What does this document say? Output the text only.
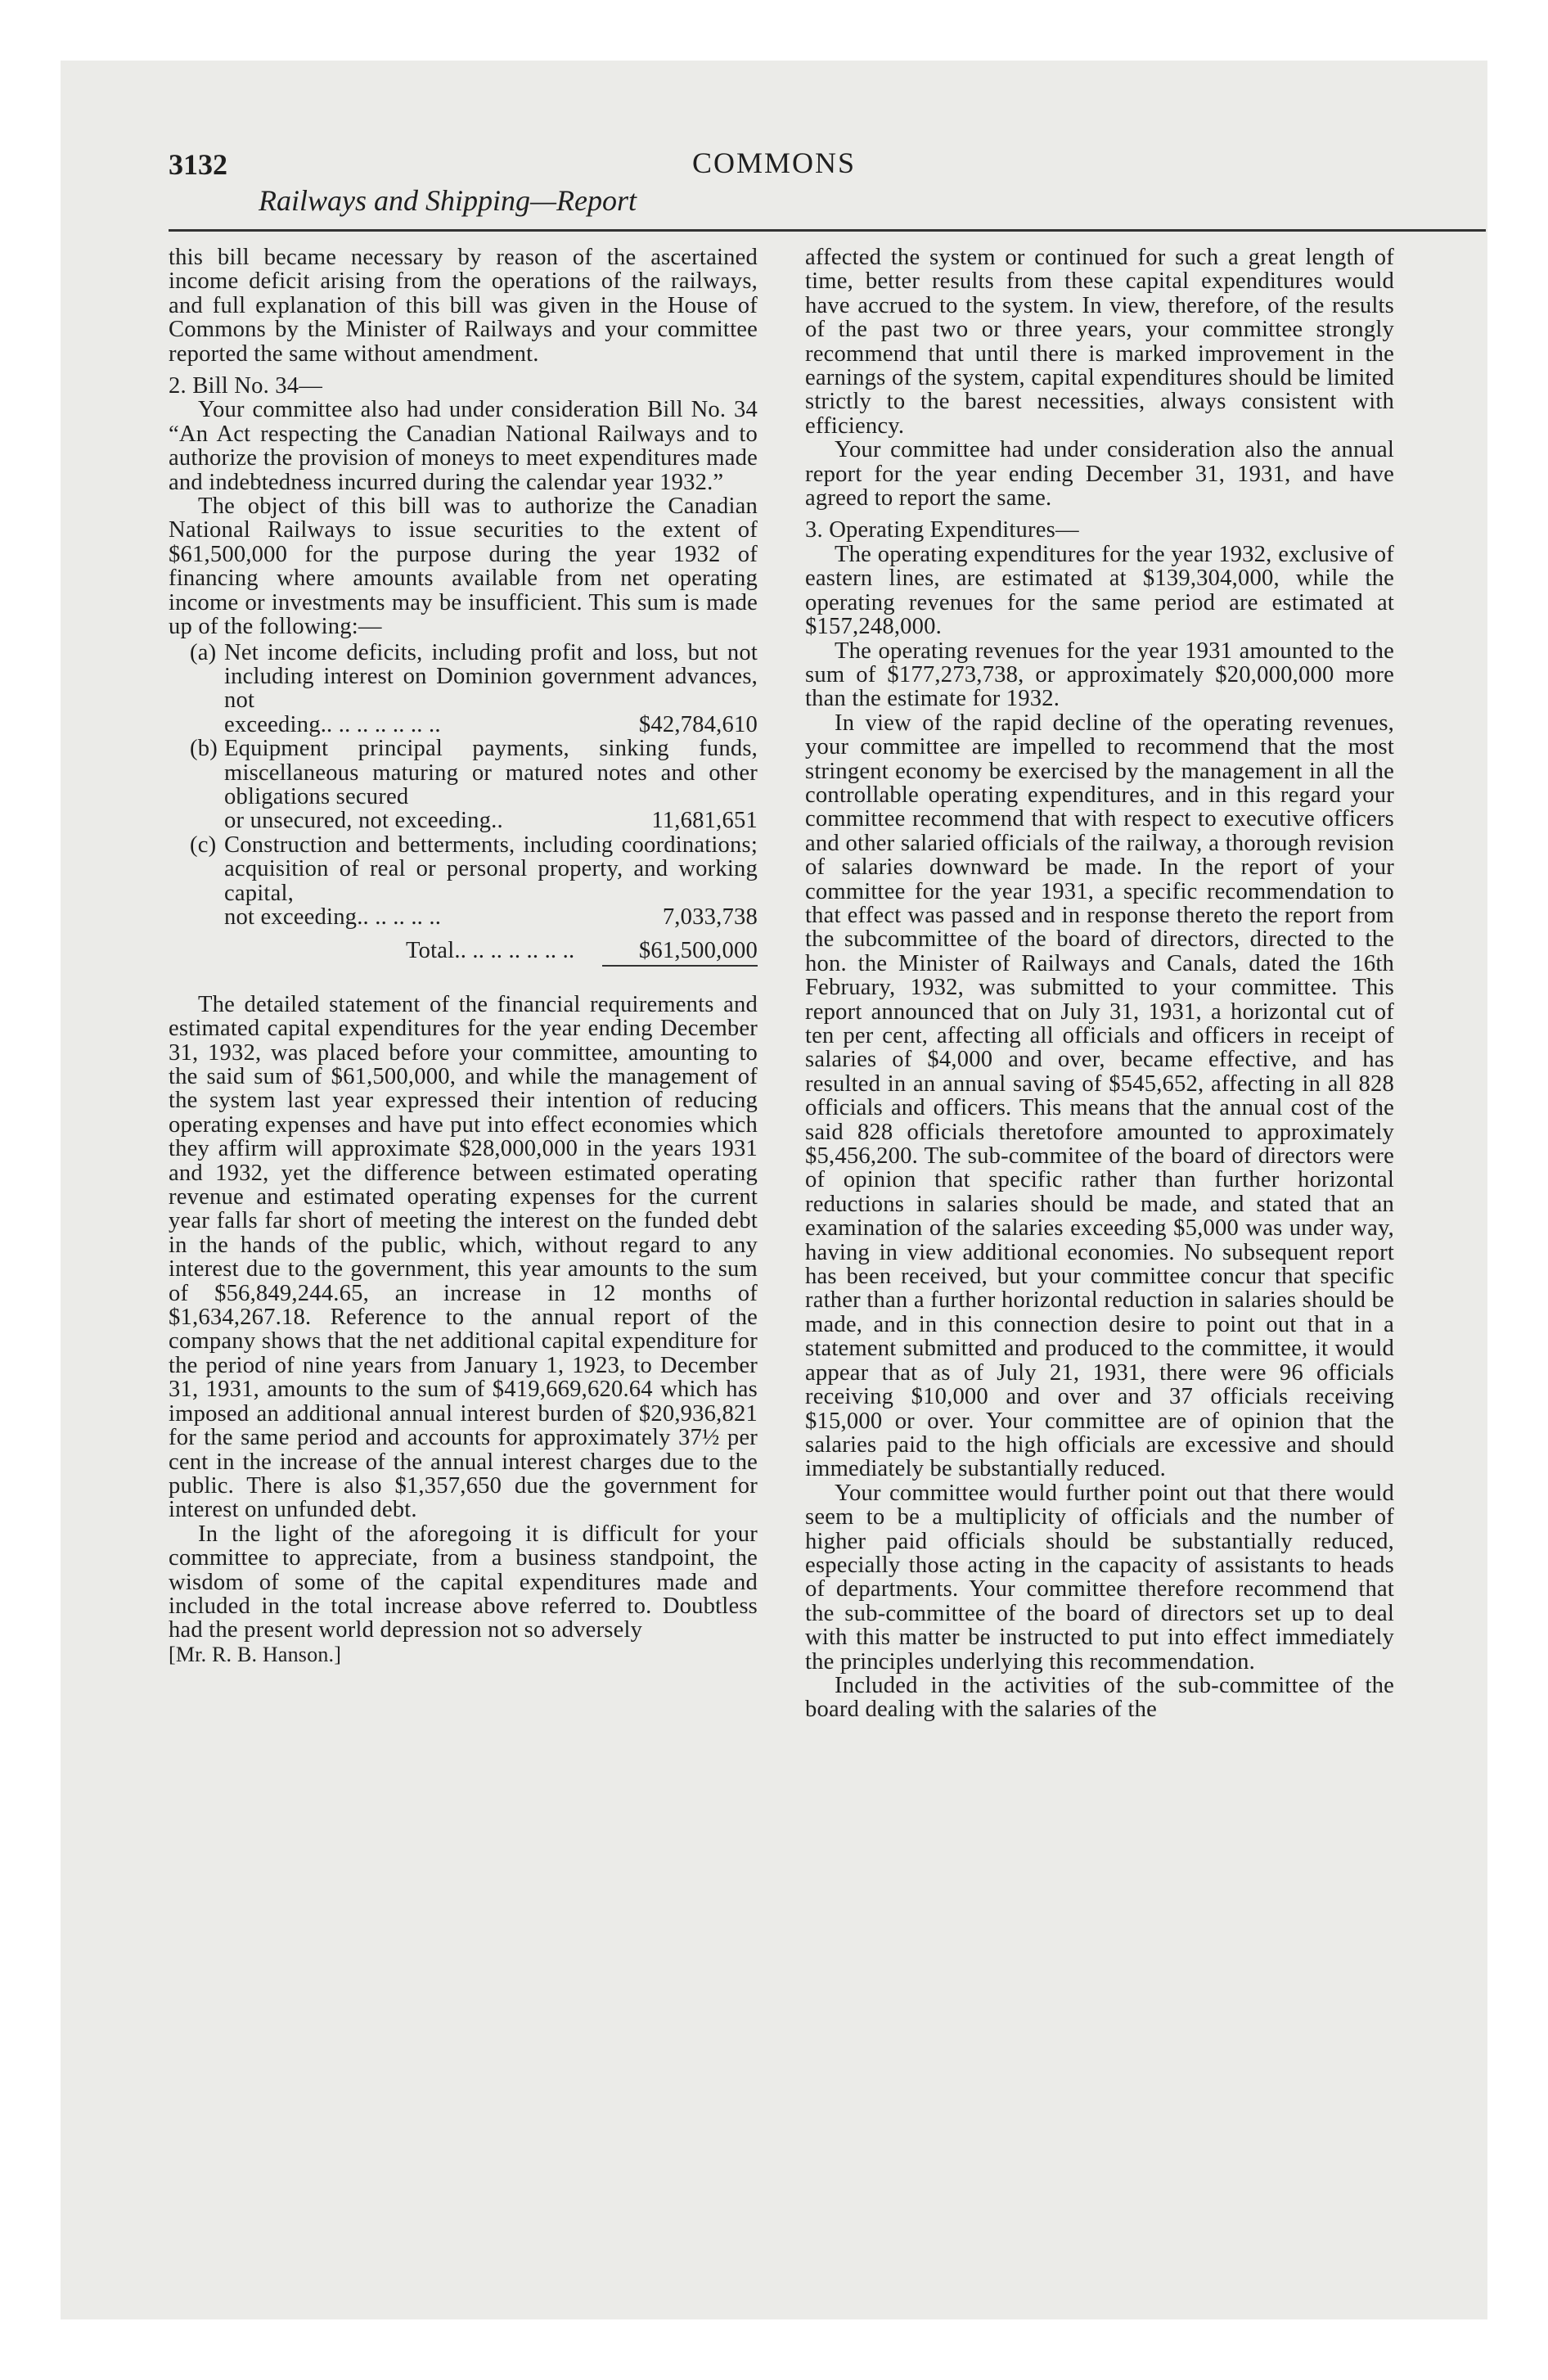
3132	COMMONS
Railways and Shipping—Report

this bill became necessary by reason of the ascertained income deficit arising from the operations of the railways, and full explanation of this bill was given in the House of Commons by the Minister of Railways and your committee reported the same without amendment.

2. Bill No. 34—

Your committee also had under consideration Bill No. 34 “An Act respecting the Canadian National Railways and to authorize the provision of moneys to meet expenditures made and indebtedness incurred during the calendar year 1932.”

The object of this bill was to authorize the Canadian National Railways to issue securities to the extent of $61,500,000 for the purpose during the year 1932 of financing where amounts available from net operating income or investments may be insufficient. This sum is made up of the following:—

(a) Net income deficits, including profit and loss, but not including interest on Dominion government advances, not
exceeding.. .. .. .. .. .. ..	$42,784,610
(b) Equipment principal payments, sinking funds, miscellaneous maturing or matured notes and other obligations secured
or unsecured, not exceeding..	11,681,651
(c) Construction and betterments, including coordinations; acquisition of real or personal property, and working capital,
not exceeding.. .. .. .. ..	7,033,738
Total.. .. .. .. .. .. ..	$61,500,000

The detailed statement of the financial requirements and estimated capital expenditures for the year ending December 31, 1932, was placed before your committee, amounting to the said sum of $61,500,000, and while the management of the system last year expressed their intention of reducing operating expenses and have put into effect economies which they affirm will approximate $28,000,000 in the years 1931 and 1932, yet the difference between estimated operating revenue and estimated operating expenses for the current year falls far short of meeting the interest on the funded debt in the hands of the public, which, without regard to any interest due to the government, this year amounts to the sum of $56,849,244.65, an increase in 12 months of $1,634,267.18. Reference to the annual report of the company shows that the net additional capital expenditure for the period of nine years from January 1, 1923, to December 31, 1931, amounts to the sum of $419,669,620.64 which has imposed an additional annual interest burden of $20,936,821 for the same period and accounts for approximately 37½ per cent in the increase of the annual interest charges due to the public. There is also $1,357,650 due the government for interest on unfunded debt.

In the light of the aforegoing it is difficult for your committee to appreciate, from a business standpoint, the wisdom of some of the capital expenditures made and included in the total increase above referred to. Doubtless had the present world depression not so adversely

[Mr. R. B. Hanson.]

affected the system or continued for such a great length of time, better results from these capital expenditures would have accrued to the system. In view, therefore, of the results of the past two or three years, your committee strongly recommend that until there is marked improvement in the earnings of the system, capital expenditures should be limited strictly to the barest necessities, always consistent with efficiency.

Your committee had under consideration also the annual report for the year ending December 31, 1931, and have agreed to report the same.

3. Operating Expenditures—

The operating expenditures for the year 1932, exclusive of eastern lines, are estimated at $139,304,000, while the operating revenues for the same period are estimated at $157,248,000.

The operating revenues for the year 1931 amounted to the sum of $177,273,738, or approximately $20,000,000 more than the estimate for 1932.

In view of the rapid decline of the operating revenues, your committee are impelled to recommend that the most stringent economy be exercised by the management in all the controllable operating expenditures, and in this regard your committee recommend that with respect to executive officers and other salaried officials of the railway, a thorough revision of salaries downward be made. In the report of your committee for the year 1931, a specific recommendation to that effect was passed and in response thereto the report from the subcommittee of the board of directors, directed to the hon. the Minister of Railways and Canals, dated the 16th February, 1932, was submitted to your committee. This report announced that on July 31, 1931, a horizontal cut of ten per cent, affecting all officials and officers in receipt of salaries of $4,000 and over, became effective, and has resulted in an annual saving of $545,652, affecting in all 828 officials and officers. This means that the annual cost of the said 828 officials theretofore amounted to approximately $5,456,200. The sub-commitee of the board of directors were of opinion that specific rather than further horizontal reductions in salaries should be made, and stated that an examination of the salaries exceeding $5,000 was under way, having in view additional economies. No subsequent report has been received, but your committee concur that specific rather than a further horizontal reduction in salaries should be made, and in this connection desire to point out that in a statement submitted and produced to the committee, it would appear that as of July 21, 1931, there were 96 officials receiving $10,000 and over and 37 officials receiving $15,000 or over. Your committee are of opinion that the salaries paid to the high officials are excessive and should immediately be substantially reduced.

Your committee would further point out that there would seem to be a multiplicity of officials and the number of higher paid officials should be substantially reduced, especially those acting in the capacity of assistants to heads of departments. Your committee therefore recommend that the sub-committee of the board of directors set up to deal with this matter be instructed to put into effect immediately the principles underlying this recommendation.

Included in the activities of the sub-committee of the board dealing with the salaries of the
